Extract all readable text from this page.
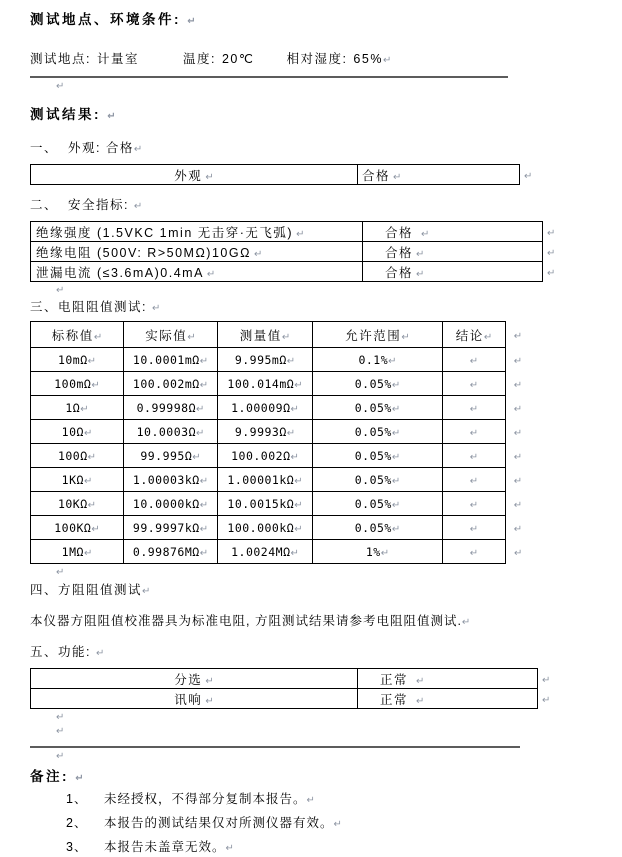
测试地点、环境条件: ↵

测试地点: 计量室	温度: 20℃	相对湿度: 65%↵

↵
测试结果: ↵

一、  外观: 合格↵

外观 ↵	合格 ↵	↵

二、  安全指标: ↵

绝缘强度 (1.5VKC 1min 无击穿·无飞弧) ↵	合格 ↵	↵
绝缘电阻 (500V: R>50MΩ)10GΩ ↵	合格 ↵	↵
泄漏电流 (≤3.6mA)0.4mA ↵	合格 ↵	↵
↵

三、电阻阻值测试: ↵

标称值↵	实际值↵	测量值↵	允许范围↵	结论↵	↵
10mΩ↵	10.0001mΩ↵	9.995mΩ↵	0.1%↵	↵	↵
100mΩ↵	100.002mΩ↵	100.014mΩ↵	0.05%↵	↵	↵
1Ω↵	0.99998Ω↵	1.00009Ω↵	0.05%↵	↵	↵
10Ω↵	10.0003Ω↵	9.9993Ω↵	0.05%↵	↵	↵
100Ω↵	99.995Ω↵	100.002Ω↵	0.05%↵	↵	↵
1KΩ↵	1.00003kΩ↵	1.00001kΩ↵	0.05%↵	↵	↵
10KΩ↵	10.0000kΩ↵	10.0015kΩ↵	0.05%↵	↵	↵
100KΩ↵	99.9997kΩ↵	100.000kΩ↵	0.05%↵	↵	↵
1MΩ↵	0.99876MΩ↵	1.0024MΩ↵	1%↵	↵	↵
↵

四、方阻阻值测试↵

本仪器方阻阻值校准器具为标准电阻, 方阻测试结果请参考电阻阻值测试.↵

五、功能: ↵

分选 ↵	正常 ↵	↵
讯响 ↵	正常 ↵	↵
↵
↵
↵
备注: ↵
1、 未经授权，不得部分复制本报告。↵
2、 本报告的测试结果仅对所测仪器有效。↵
3、 本报告未盖章无效。↵
